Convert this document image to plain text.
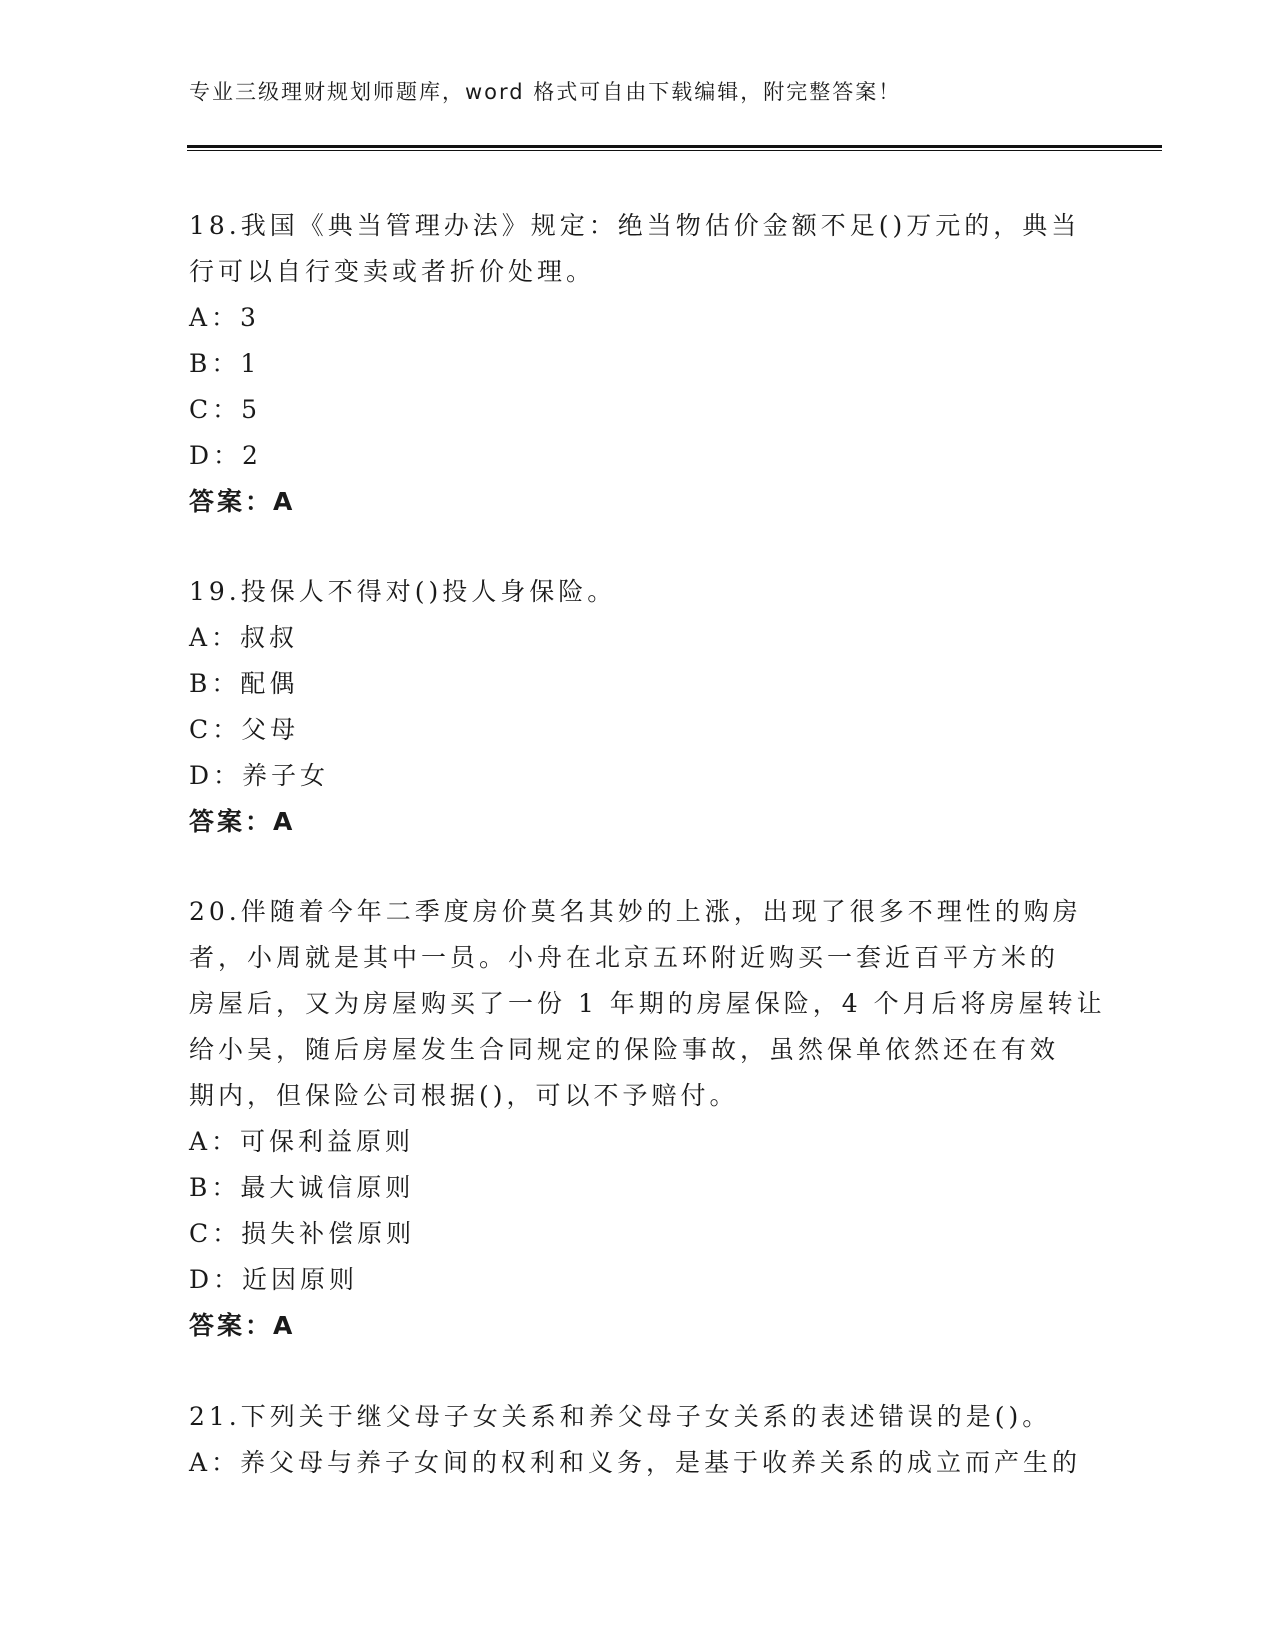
专业三级理财规划师题库，word 格式可自由下载编辑，附完整答案！
18.我国《典当管理办法》规定：绝当物估价金额不足()万元的，典当
行可以自行变卖或者折价处理。
A：3
B：1
C：5
D：2
答案：A
19.投保人不得对()投人身保险。
A：叔叔
B：配偶
C：父母
D：养子女
答案：A
20.伴随着今年二季度房价莫名其妙的上涨，出现了很多不理性的购房
者，小周就是其中一员。小舟在北京五环附近购买一套近百平方米的
房屋后，又为房屋购买了一份 1 年期的房屋保险，4 个月后将房屋转让
给小吴，随后房屋发生合同规定的保险事故，虽然保单依然还在有效
期内，但保险公司根据()，可以不予赔付。
A：可保利益原则
B：最大诚信原则
C：损失补偿原则
D：近因原则
答案：A
21.下列关于继父母子女关系和养父母子女关系的表述错误的是()。
A：养父母与养子女间的权利和义务，是基于收养关系的成立而产生的
